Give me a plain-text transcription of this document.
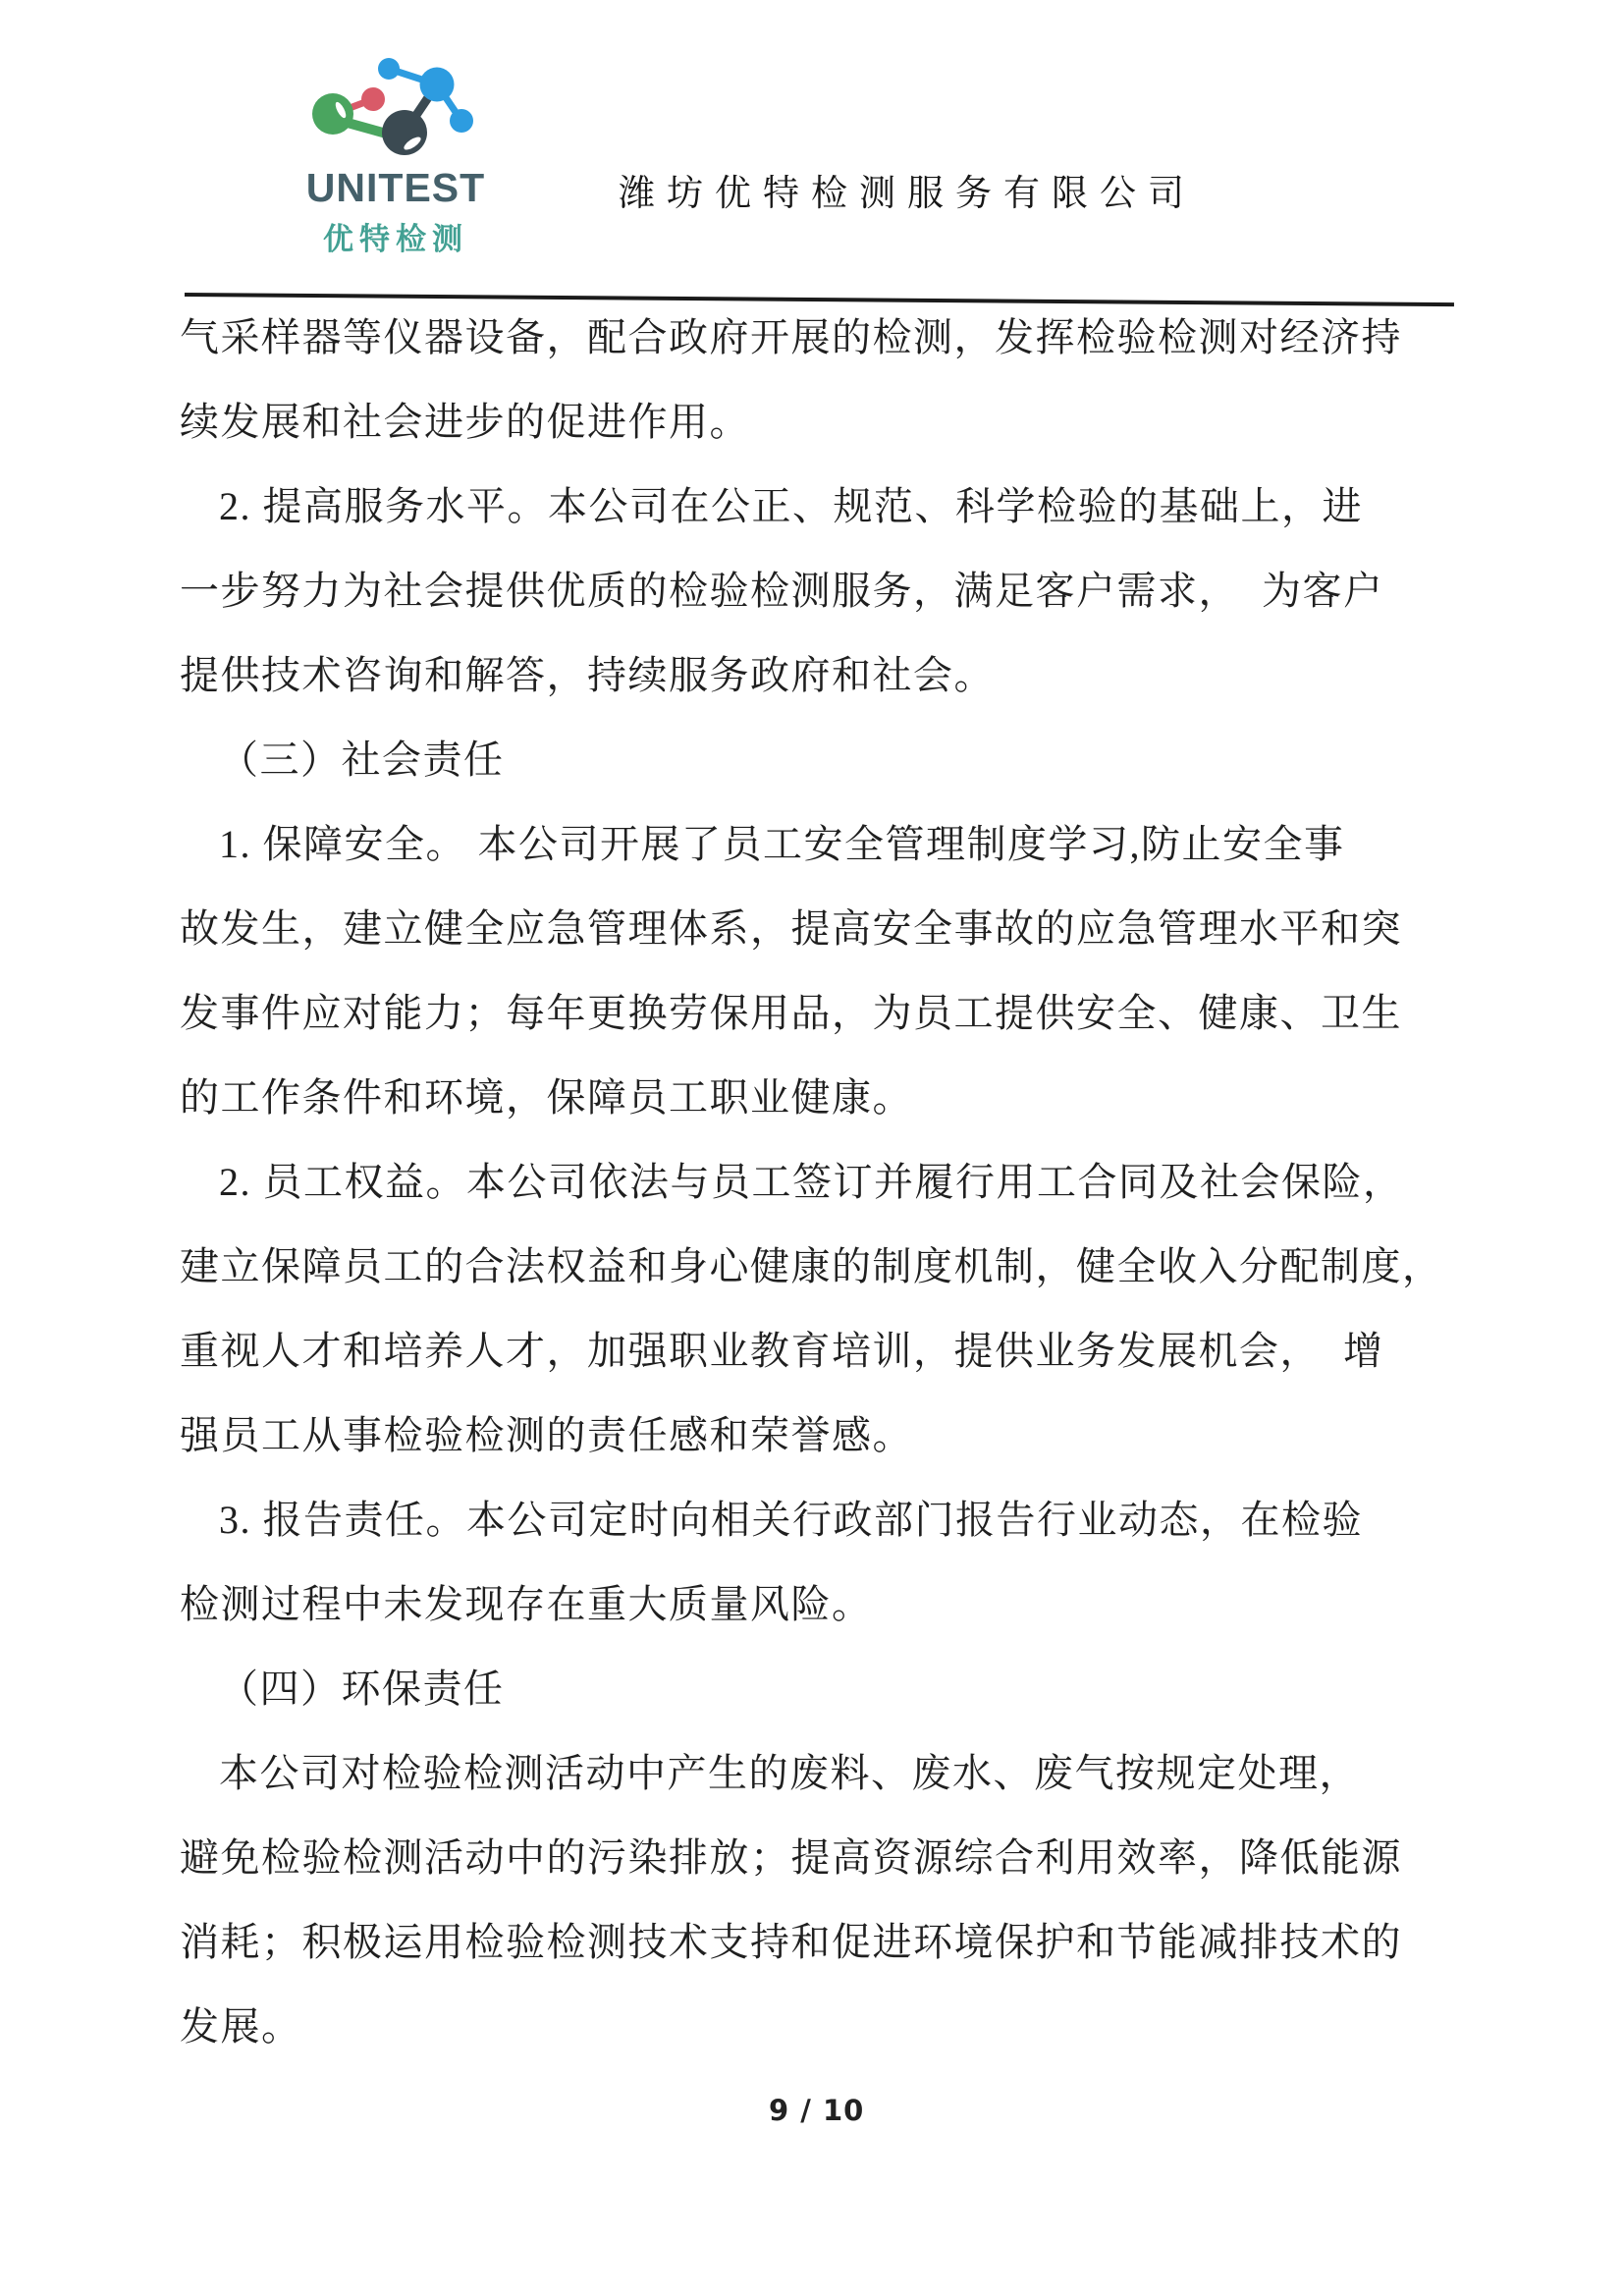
UNITEST
优特检测
潍坊优特检测服务有限公司
气采样器等仪器设备，配合政府开展的检测，发挥检验检测对经济持
续发展和社会进步的促进作用。
2. 提高服务水平。本公司在公正、规范、科学检验的基础上，进
一步努力为社会提供优质的检验检测服务，满足客户需求，  为客户
提供技术咨询和解答，持续服务政府和社会。
（三）社会责任
1. 保障安全。 本公司开展了员工安全管理制度学习,防止安全事
故发生，建立健全应急管理体系，提高安全事故的应急管理水平和突
发事件应对能力；每年更换劳保用品，为员工提供安全、健康、卫生
的工作条件和环境，保障员工职业健康。
2. 员工权益。本公司依法与员工签订并履行用工合同及社会保险，
建立保障员工的合法权益和身心健康的制度机制，健全收入分配制度，
重视人才和培养人才，加强职业教育培训，提供业务发展机会，  增
强员工从事检验检测的责任感和荣誉感。
3. 报告责任。本公司定时向相关行政部门报告行业动态，在检验
检测过程中未发现存在重大质量风险。
（四）环保责任
本公司对检验检测活动中产生的废料、废水、废气按规定处理，
避免检验检测活动中的污染排放；提高资源综合利用效率，降低能源
消耗；积极运用检验检测技术支持和促进环境保护和节能减排技术的
发展。
9 / 10
